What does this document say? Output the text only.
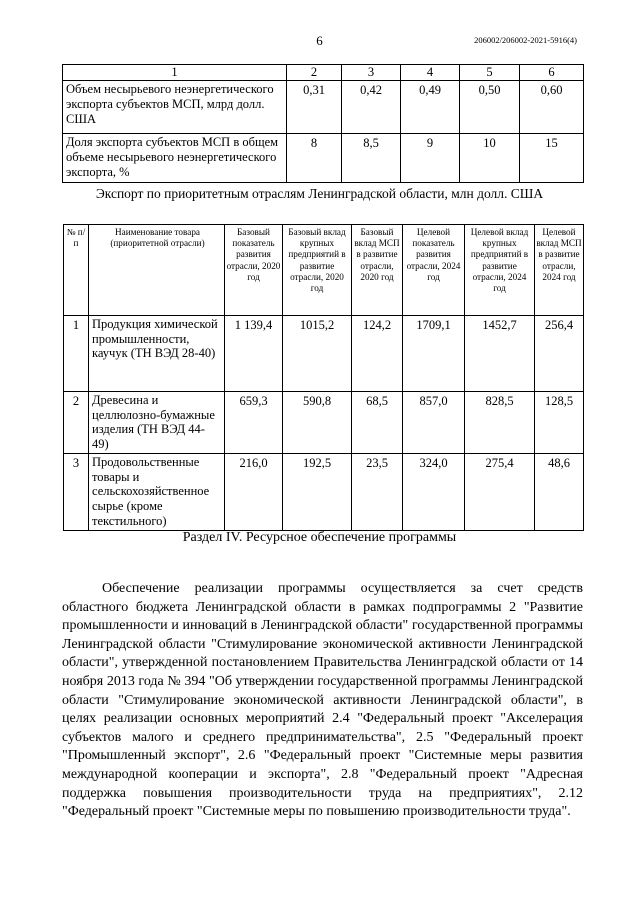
6	206002/206002-2021-5916(4)
1	2	3	4	5	6
Объем несырьевого неэнергетического экспорта субъектов МСП, млрд долл. США	0,31	0,42	0,49	0,50	0,60
Доля экспорта субъектов МСП в общем объеме несырьевого неэнергетического экспорта, %	8	8,5	9	10	15
Экспорт по приоритетным отраслям Ленинградской области, млн долл. США
№ п/п	Наименование товара (приоритетной отрасли)	Базовый показатель развития отрасли, 2020 год	Базовый вклад крупных предприятий в развитие отрасли, 2020 год	Базовый вклад МСП в развитие отрасли, 2020 год	Целевой показатель развития отрасли, 2024 год	Целевой вклад крупных предприятий в развитие отрасли, 2024 год	Целевой вклад МСП в развитие отрасли, 2024 год
1	Продукция химической промышленности, каучук (ТН ВЭД 28-40)	1 139,4	1015,2	124,2	1709,1	1452,7	256,4
2	Древесина и целлюлозно-бумажные изделия (ТН ВЭД 44-49)	659,3	590,8	68,5	857,0	828,5	128,5
3	Продовольственные товары и сельскохозяйственное сырье (кроме текстильного)	216,0	192,5	23,5	324,0	275,4	48,6
Раздел IV. Ресурсное обеспечение программы

Обеспечение реализации программы осуществляется за счет средств областного бюджета Ленинградской области в рамках подпрограммы 2 "Развитие промышленности и инноваций в Ленинградской области" государственной программы Ленинградской области "Стимулирование экономической активности Ленинградской области", утвержденной постановлением Правительства Ленинградской области от 14 ноября 2013 года № 394 "Об утверждении государственной программы Ленинградской области "Стимулирование экономической активности Ленинградской области", в целях реализации основных мероприятий 2.4 "Федеральный проект "Акселерация субъектов малого и среднего предпринимательства", 2.5 "Федеральный проект "Промышленный экспорт", 2.6 "Федеральный проект "Системные меры развития международной кооперации и экспорта", 2.8 "Федеральный проект "Адресная поддержка повышения производительности труда на предприятиях", 2.12 "Федеральный проект "Системные меры по повышению производительности труда".
